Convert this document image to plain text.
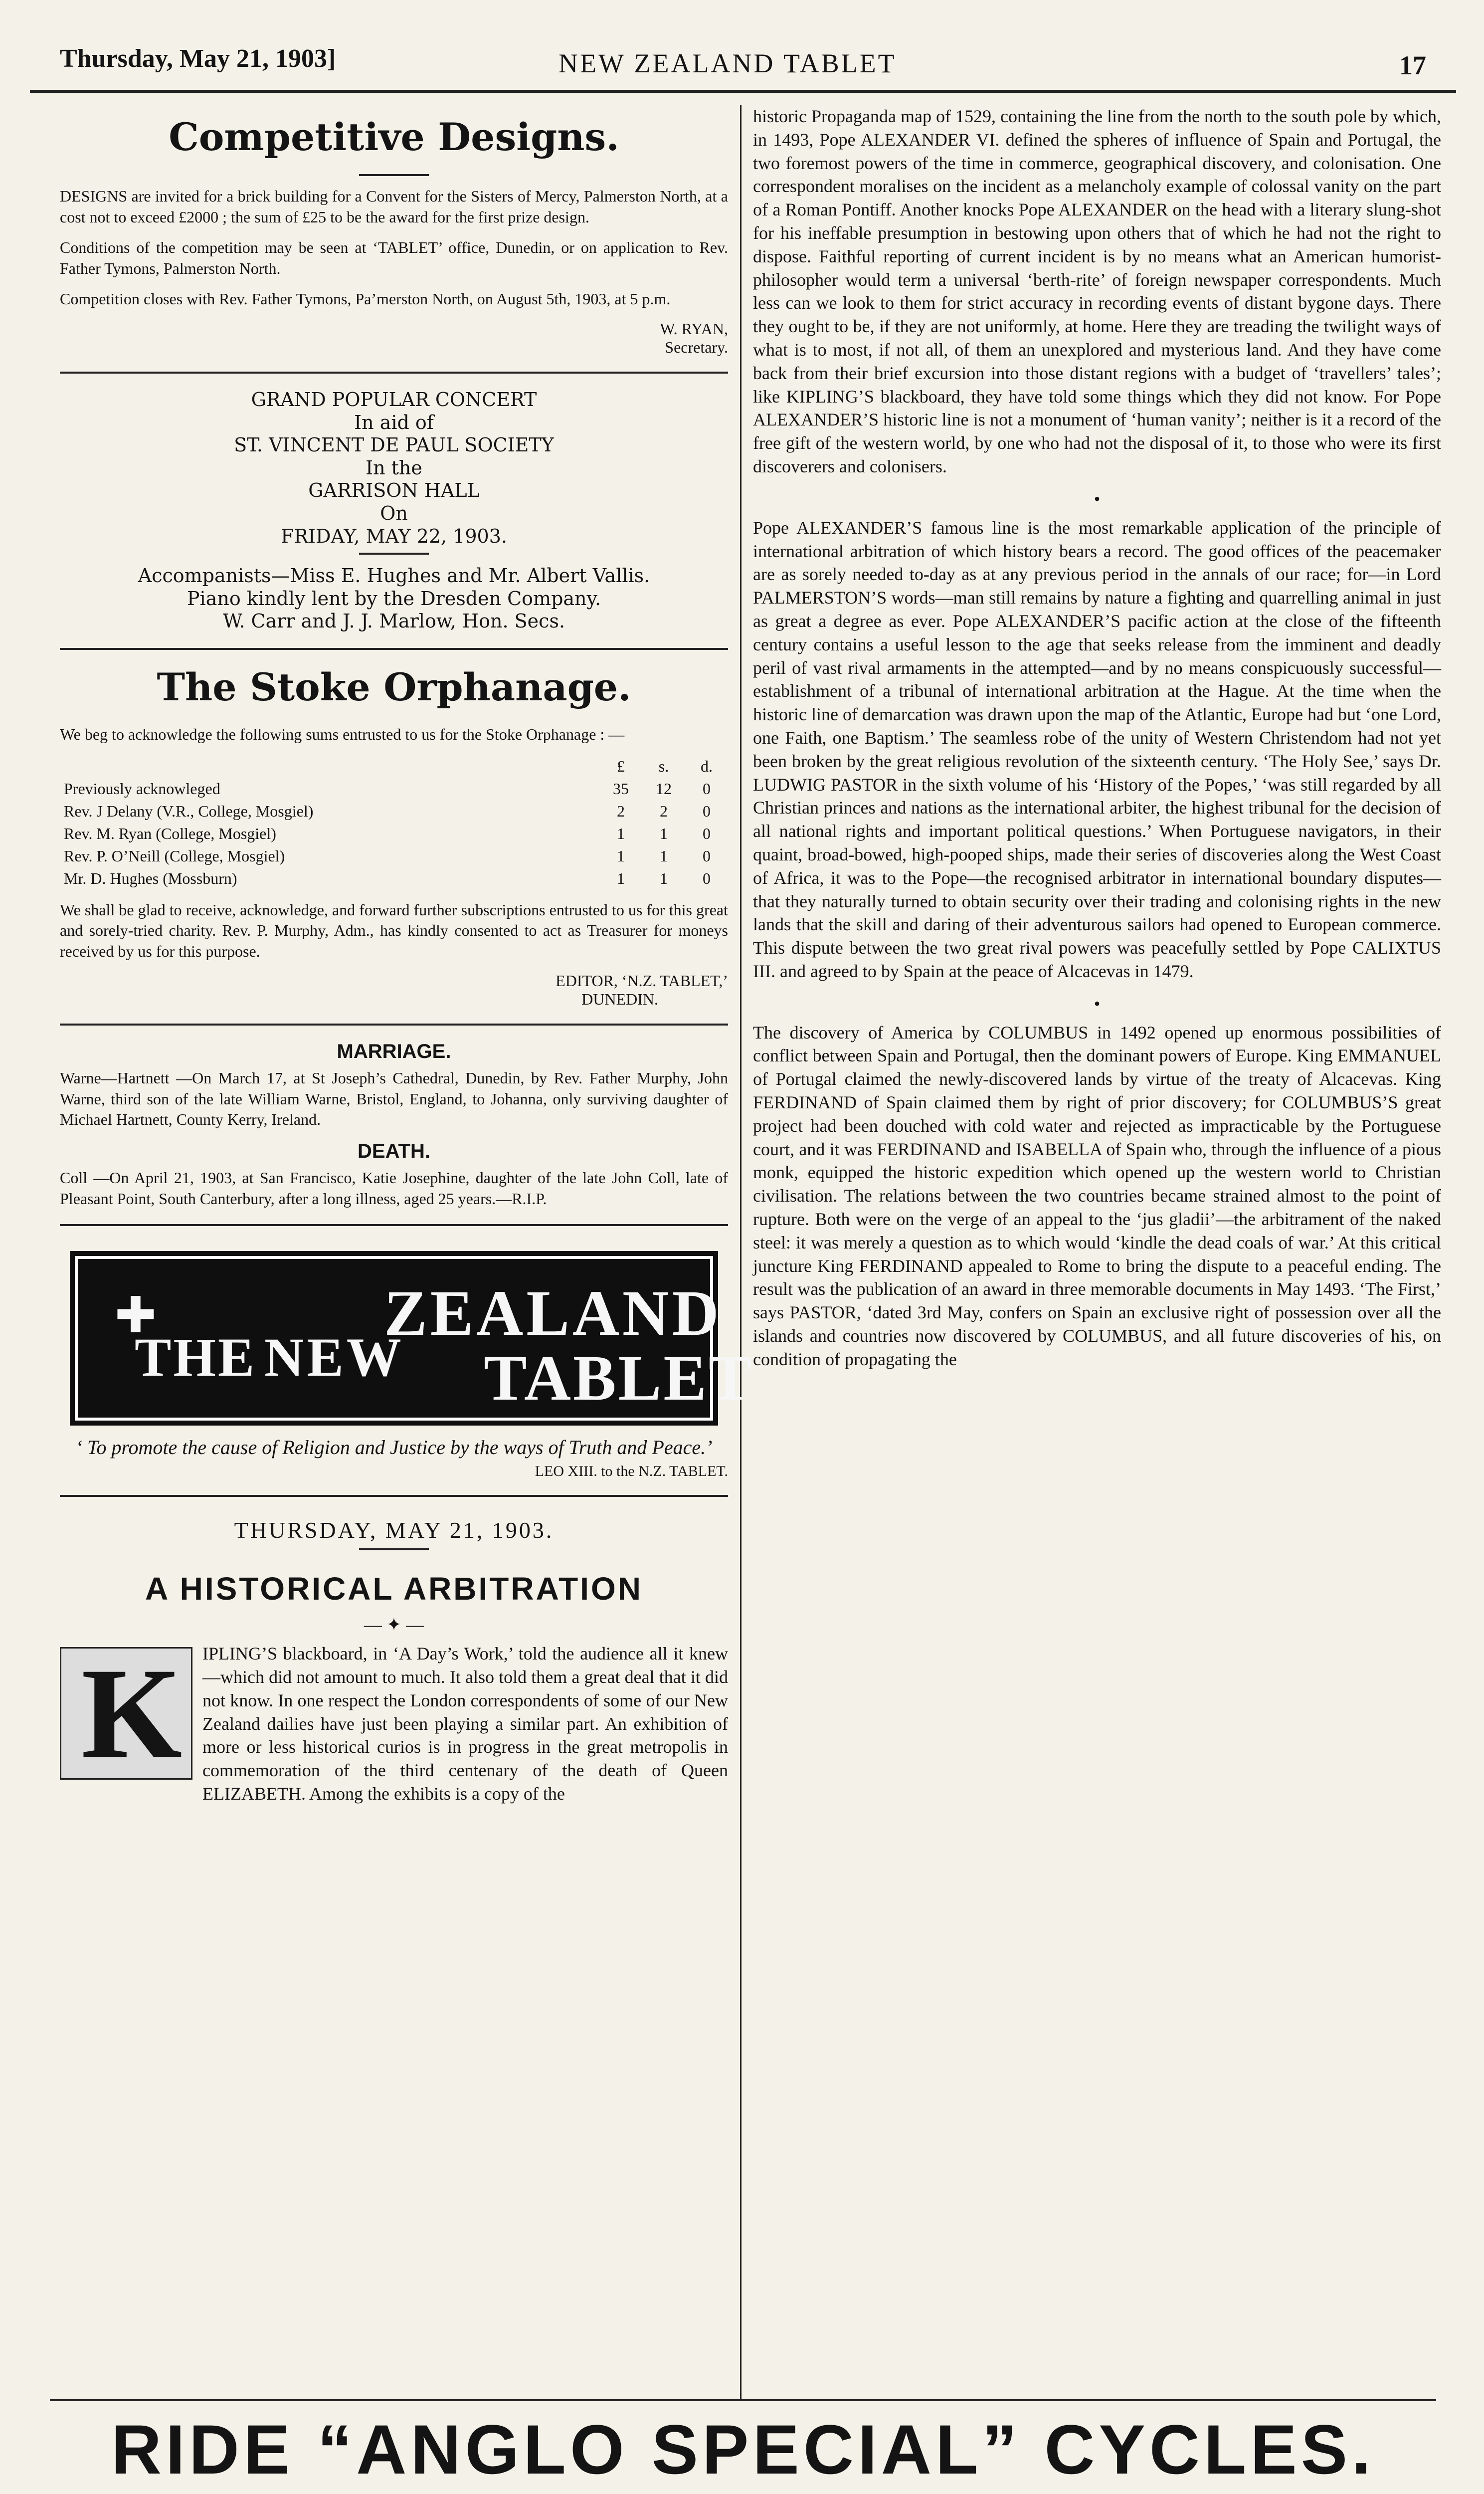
Thursday, May 21, 1903]	NEW ZEALAND TABLET	17
Competitive Designs.

DESIGNS are invited for a brick building for a Convent for the Sisters of Mercy, Palmerston North, at a cost not to exceed £2000 ; the sum of £25 to be the award for the first prize design.

Conditions of the competition may be seen at ‘TABLET’ office, Dunedin, or on application to Rev. Father Tymons, Palmerston North.

Competition closes with Rev. Father Tymons, Pa’merston North, on August 5th, 1903, at 5 p.m.

W. RYAN,
Secretary.
GRAND POPULAR CONCERT
In aid of
ST. VINCENT DE PAUL SOCIETY
In the
GARRISON HALL
On
FRIDAY, MAY 22, 1903.
Accompanists—Miss E. Hughes and Mr. Albert Vallis.
Piano kindly lent by the Dresden Company.
W. Carr and J. J. Marlow, Hon. Secs.
The Stoke Orphanage.

We beg to acknowledge the following sums entrusted to us for the Stoke Orphanage : —

	£	s.	d.
Previously acknowleged	35	12	0
Rev. J Delany (V.R., College, Mosgiel)	2	2	0
Rev. M. Ryan (College, Mosgiel)	1	1	0
Rev. P. O’Neill (College, Mosgiel)	1	1	0
Mr. D. Hughes (Mossburn)	1	1	0

We shall be glad to receive, acknowledge, and forward further subscriptions entrusted to us for this great and sorely-tried charity. Rev. P. Murphy, Adm., has kindly consented to act as Treasurer for moneys received by us for this purpose.

EDITOR, ‘N.Z. TABLET,’
DUNEDIN.
MARRIAGE.

Warne—Hartnett —On March 17, at St Joseph’s Cathedral, Dunedin, by Rev. Father Murphy, John Warne, third son of the late William Warne, Bristol, England, to Johanna, only surviving daughter of Michael Hartnett, County Kerry, Ireland.

DEATH.

Coll —On April 21, 1903, at San Francisco, Katie Josephine, daughter of the late John Coll, late of Pleasant Point, South Canterbury, after a long illness, aged 25 years.—R.I.P.

✚
THE NEW
ZEALAND
TABLET
‘ To promote the cause of Religion and Justice by the ways of Truth and Peace.’
LEO XIII. to the N.Z. TABLET.
THURSDAY, MAY 21, 1903.
A HISTORICAL ARBITRATION
— ✦ —
K	IPLING’S blackboard, in ‘A Day’s Work,’ told the audience all it knew—which did not amount to much. It also told them a great deal that it did not know. In one respect the London correspondents of some of our New Zealand dailies have just been playing a similar part. An exhibition of more or less historical curios is in progress in the great metropolis in commemoration of the third centenary of the death of Queen ELIZABETH. Among the exhibits is a copy of the

historic Propaganda map of 1529, containing the line from the north to the south pole by which, in 1493, Pope ALEXANDER VI. defined the spheres of influence of Spain and Portugal, the two foremost powers of the time in commerce, geographical discovery, and colonisation. One correspondent moralises on the incident as a melancholy example of colossal vanity on the part of a Roman Pontiff. Another knocks Pope ALEXANDER on the head with a literary slung-shot for his ineffable presumption in bestowing upon others that of which he had not the right to dispose. Faithful reporting of current incident is by no means what an American humorist-philosopher would term a universal ‘berth-rite’ of foreign newspaper correspondents. Much less can we look to them for strict accuracy in recording events of distant bygone days. There they ought to be, if they are not uniformly, at home. Here they are treading the twilight ways of what is to most, if not all, of them an unexplored and mysterious land. And they have come back from their brief excursion into those distant regions with a budget of ‘travellers’ tales’; like KIPLING’S blackboard, they have told some things which they did not know. For Pope ALEXANDER’S historic line is not a monument of ‘human vanity’; neither is it a record of the free gift of the western world, by one who had not the disposal of it, to those who were its first discoverers and colonisers.

•

Pope ALEXANDER’S famous line is the most remarkable application of the principle of international arbitration of which history bears a record. The good offices of the peacemaker are as sorely needed to-day as at any previous period in the annals of our race; for—in Lord PALMERSTON’S words—man still remains by nature a fighting and quarrelling animal in just as great a degree as ever. Pope ALEXANDER’S pacific action at the close of the fifteenth century contains a useful lesson to the age that seeks release from the imminent and deadly peril of vast rival armaments in the attempted—and by no means conspicuously successful—establishment of a tribunal of international arbitration at the Hague. At the time when the historic line of demarcation was drawn upon the map of the Atlantic, Europe had but ‘one Lord, one Faith, one Baptism.’ The seamless robe of the unity of Western Christendom had not yet been broken by the great religious revolution of the sixteenth century. ‘The Holy See,’ says Dr. LUDWIG PASTOR in the sixth volume of his ‘History of the Popes,’ ‘was still regarded by all Christian princes and nations as the international arbiter, the highest tribunal for the decision of all national rights and important political questions.’ When Portuguese navigators, in their quaint, broad-bowed, high-pooped ships, made their series of discoveries along the West Coast of Africa, it was to the Pope—the recognised arbitrator in international boundary disputes—that they naturally turned to obtain security over their trading and colonising rights in the new lands that the skill and daring of their adventurous sailors had opened to European commerce. This dispute between the two great rival powers was peacefully settled by Pope CALIXTUS III. and agreed to by Spain at the peace of Alcacevas in 1479.

•

The discovery of America by COLUMBUS in 1492 opened up enormous possibilities of conflict between Spain and Portugal, then the dominant powers of Europe. King EMMANUEL of Portugal claimed the newly-discovered lands by virtue of the treaty of Alcacevas. King FERDINAND of Spain claimed them by right of prior discovery; for COLUMBUS’S great project had been douched with cold water and rejected as impracticable by the Portuguese court, and it was FERDINAND and ISABELLA of Spain who, through the influence of a pious monk, equipped the historic expedition which opened up the western world to Christian civilisation. The relations between the two countries became strained almost to the point of rupture. Both were on the verge of an appeal to the ‘jus gladii’—the arbitrament of the naked steel: it was merely a question as to which would ‘kindle the dead coals of war.’ At this critical juncture King FERDINAND appealed to Rome to bring the dispute to a peaceful ending. The result was the publication of an award in three memorable documents in May 1493. ‘The First,’ says PASTOR, ‘dated 3rd May, confers on Spain an exclusive right of possession over all the islands and countries now discovered by COLUMBUS, and all future discoveries of his, on condition of propagating the

RIDE “ANGLO SPECIAL” CYCLES.
